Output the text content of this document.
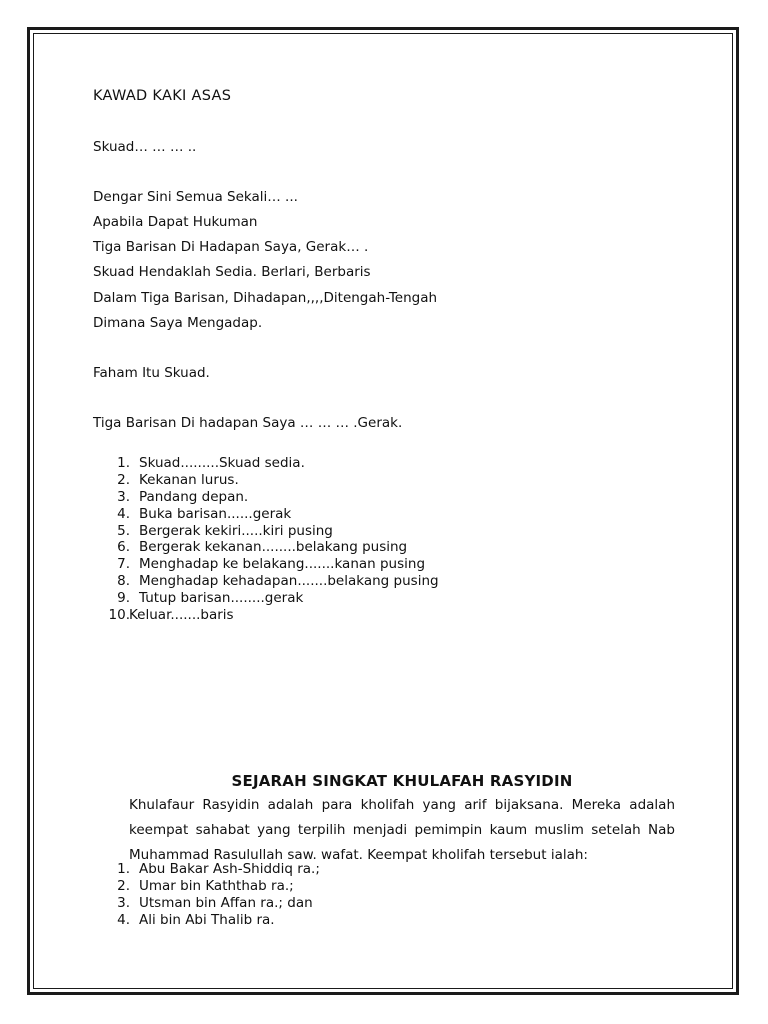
KAWAD KAKI ASAS
Skuad… … … ..
Dengar Sini Semua Sekali… ...
Apabila Dapat Hukuman
Tiga Barisan Di Hadapan Saya, Gerak… .
Skuad Hendaklah Sedia. Berlari, Berbaris
Dalam Tiga Barisan, Dihadapan,,,,Ditengah-Tengah
Dimana Saya Mengadap.
Faham Itu Skuad.
Tiga Barisan Di hadapan Saya … … … .Gerak.
1. Skuad.........Skuad sedia.
2. Kekanan lurus.
3. Pandang depan.
4. Buka barisan......gerak
5. Bergerak kekiri.....kiri pusing
6. Bergerak kekanan........belakang pusing
7. Menghadap ke belakang.......kanan pusing
8. Menghadap kehadapan.......belakang pusing
9. Tutup barisan........gerak
10. Keluar.......baris
SEJARAH SINGKAT KHULAFAH RASYIDIN

Khulafaur Rasyidin adalah para kholifah yang arif bijaksana. Mereka adalah keempat sahabat yang terpilih menjadi pemimpin kaum muslim setelah Nab Muhammad Rasulullah saw. wafat. Keempat kholifah tersebut ialah:

1. Abu Bakar Ash-Shiddiq ra.;
2. Umar bin Kaththab ra.;
3. Utsman bin Affan ra.; dan
4. Ali bin Abi Thalib ra.
